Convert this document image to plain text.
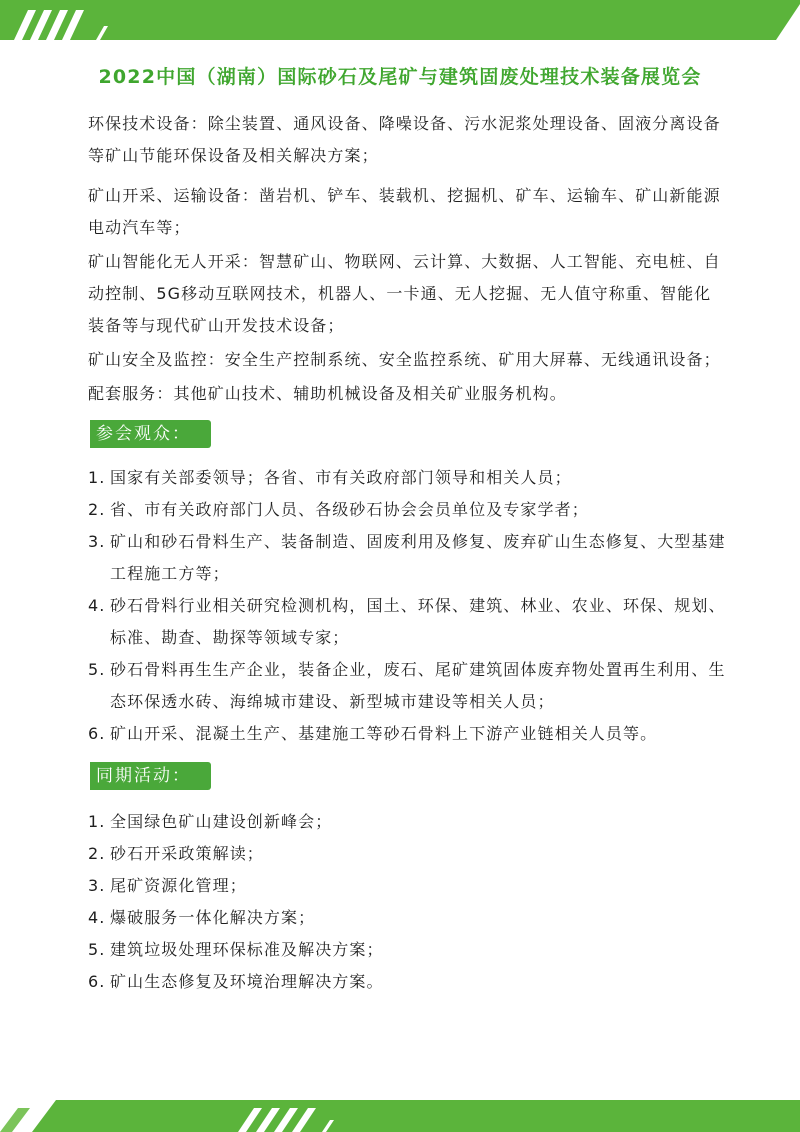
2022中国（湖南）国际砂石及尾矿与建筑固废处理技术装备展览会

环保技术设备：除尘装置、通风设备、降噪设备、污水泥浆处理设备、固液分离设备等矿山节能环保设备及相关解决方案；

矿山开采、运输设备：凿岩机、铲车、装载机、挖掘机、矿车、运输车、矿山新能源电动汽车等；

矿山智能化无人开采：智慧矿山、物联网、云计算、大数据、人工智能、充电桩、自动控制、5G移动互联网技术，机器人、一卡通、无人挖掘、无人值守称重、智能化装备等与现代矿山开发技术设备；

矿山安全及监控：安全生产控制系统、安全监控系统、矿用大屏幕、无线通讯设备；

配套服务：其他矿山技术、辅助机械设备及相关矿业服务机构。

参会观众：
1. 国家有关部委领导；各省、市有关政府部门领导和相关人员；
2. 省、市有关政府部门人员、各级砂石协会会员单位及专家学者；
3. 矿山和砂石骨料生产、装备制造、固废利用及修复、废弃矿山生态修复、大型基建工程施工方等；
4. 砂石骨料行业相关研究检测机构，国土、环保、建筑、林业、农业、环保、规划、标准、勘查、勘探等领域专家；
5. 砂石骨料再生生产企业，装备企业，废石、尾矿建筑固体废弃物处置再生利用、生态环保透水砖、海绵城市建设、新型城市建设等相关人员；
6. 矿山开采、混凝土生产、基建施工等砂石骨料上下游产业链相关人员等。
同期活动：
1. 全国绿色矿山建设创新峰会；
2. 砂石开采政策解读；
3. 尾矿资源化管理；
4. 爆破服务一体化解决方案；
5. 建筑垃圾处理环保标准及解决方案；
6. 矿山生态修复及环境治理解决方案。
